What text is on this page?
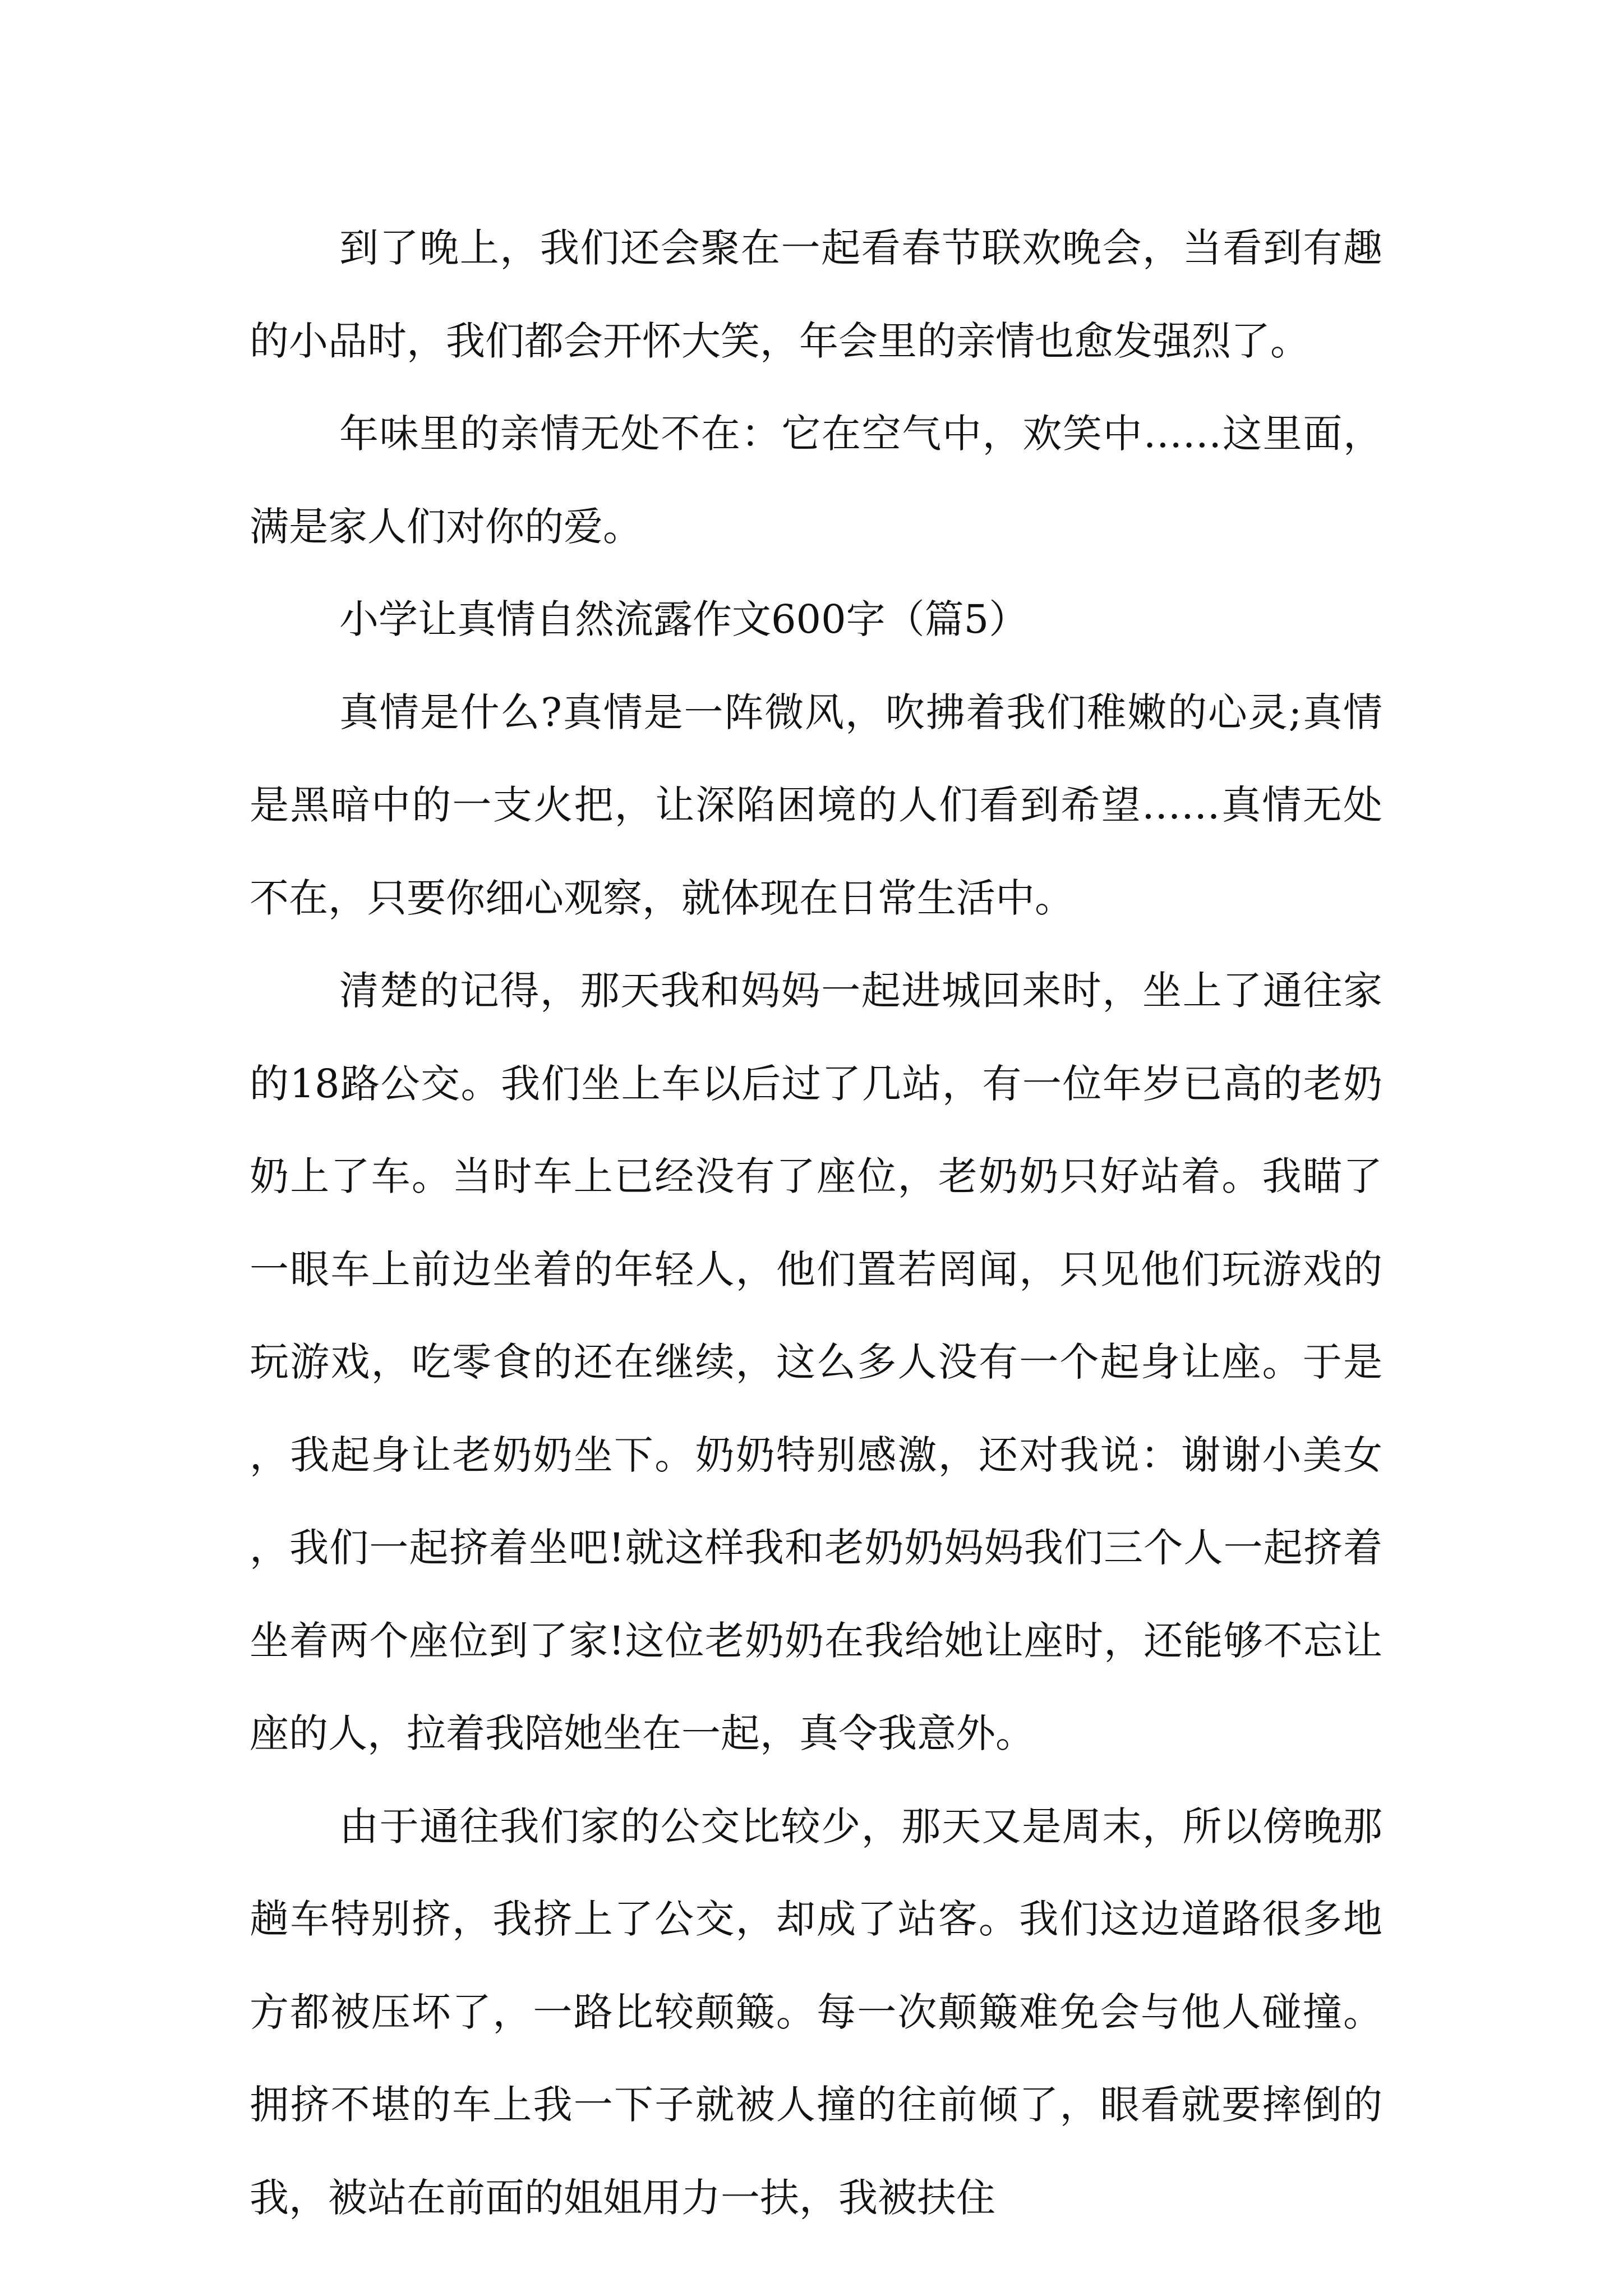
到了晚上，我们还会聚在一起看春节联欢晚会，当看到有趣的小品时，我们都会开怀大笑，年会里的亲情也愈发强烈了。

年味里的亲情无处不在：它在空气中，欢笑中……这里面，满是家人们对你的爱。

小学让真情自然流露作文600字（篇5）

真情是什么?真情是一阵微风，吹拂着我们稚嫩的心灵;真情是黑暗中的一支火把，让深陷困境的人们看到希望……真情无处不在，只要你细心观察，就体现在日常生活中。

清楚的记得，那天我和妈妈一起进城回来时，坐上了通往家的18路公交。我们坐上车以后过了几站，有一位年岁已高的老奶奶上了车。当时车上已经没有了座位，老奶奶只好站着。我瞄了一眼车上前边坐着的年轻人，他们置若罔闻，只见他们玩游戏的玩游戏，吃零食的还在继续，这么多人没有一个起身让座。于是，我起身让老奶奶坐下。奶奶特别感激，还对我说：谢谢小美女，我们一起挤着坐吧!就这样我和老奶奶妈妈我们三个人一起挤着坐着两个座位到了家!这位老奶奶在我给她让座时，还能够不忘让座的人，拉着我陪她坐在一起，真令我意外。

由于通往我们家的公交比较少，那天又是周末，所以傍晚那趟车特别挤，我挤上了公交，却成了站客。我们这边道路很多地方都被压坏了，一路比较颠簸。每一次颠簸难免会与他人碰撞。拥挤不堪的车上我一下子就被人撞的往前倾了，眼看就要摔倒的我，被站在前面的姐姐用力一扶，我被扶住
